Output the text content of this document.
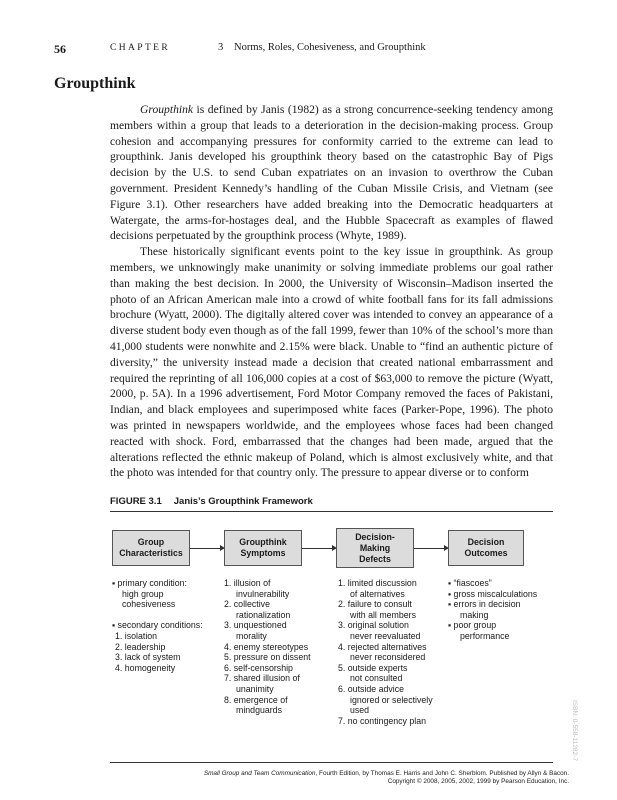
56	CHAPTER	3 Norms, Roles, Cohesiveness, and Groupthink
Groupthink

Groupthink is defined by Janis (1982) as a strong concurrence-seeking tendency among members within a group that leads to a deterioration in the decision-making process. Group cohesion and accompanying pressures for conformity carried to the extreme can lead to groupthink. Janis developed his groupthink theory based on the catastrophic Bay of Pigs decision by the U.S. to send Cuban expatriates on an invasion to overthrow the Cuban government. President Kennedy’s handling of the Cuban Missile Crisis, and Vietnam (see Figure 3.1). Other researchers have added breaking into the Democratic headquarters at Watergate, the arms-for-hostages deal, and the Hubble Spacecraft as examples of flawed decisions perpetuated by the groupthink process (Whyte, 1989).

These historically significant events point to the key issue in groupthink. As group members, we unknowingly make unanimity or solving immediate problems our goal rather than making the best decision. In 2000, the University of Wisconsin–Madison inserted the photo of an African American male into a crowd of white football fans for its fall admissions brochure (Wyatt, 2000). The digitally altered cover was intended to convey an appearance of a diverse student body even though as of the fall 1999, fewer than 10% of the school’s more than 41,000 students were nonwhite and 2.15% were black. Unable to “find an authentic picture of diversity,” the university instead made a decision that created national embarrassment and required the reprinting of all 106,000 copies at a cost of $63,000 to remove the picture (Wyatt, 2000, p. 5A). In a 1996 advertisement, Ford Motor Company removed the faces of Pakistani, Indian, and black employees and superimposed white faces (Parker-Pope, 1996). The photo was printed in newspapers worldwide, and the employees whose faces had been changed reacted with shock. Ford, embarrassed that the changes had been made, argued that the alterations reflected the ethnic makeup of Poland, which is almost exclusively white, and that the photo was intended for that country only. The pressure to appear diverse or to conform

FIGURE 3.1 Janis’s Groupthink Framework
Group
Characteristics
Groupthink
Symptoms
Decision-
Making
Defects
Decision
Outcomes
▪ primary condition:
high group
cohesiveness
▪ secondary conditions:
1. isolation
2. leadership
3. lack of system
4. homogeneity
1. illusion of
invulnerability
2. collective
rationalization
3. unquestioned
morality
4. enemy stereotypes
5. pressure on dissent
6. self-censorship
7. shared illusion of
unanimity
8. emergence of
mindguards
1. limited discussion
of alternatives
2. failure to consult
with all members
3. original solution
never reevaluated
4. rejected alternatives
never reconsidered
5. outside experts
not consulted
6. outside advice
ignored or selectively
used
7. no contingency plan
▪ “fiascoes”
▪ gross miscalculations
▪ errors in decision
making
▪ poor group
performance
ISBN: 0-558-11282-7
Small Group and Team Communication, Fourth Edition, by Thomas E. Harris and John C. Sherblom. Published by Allyn & Bacon.
Copyright © 2008, 2005, 2002, 1999 by Pearson Education, Inc.
